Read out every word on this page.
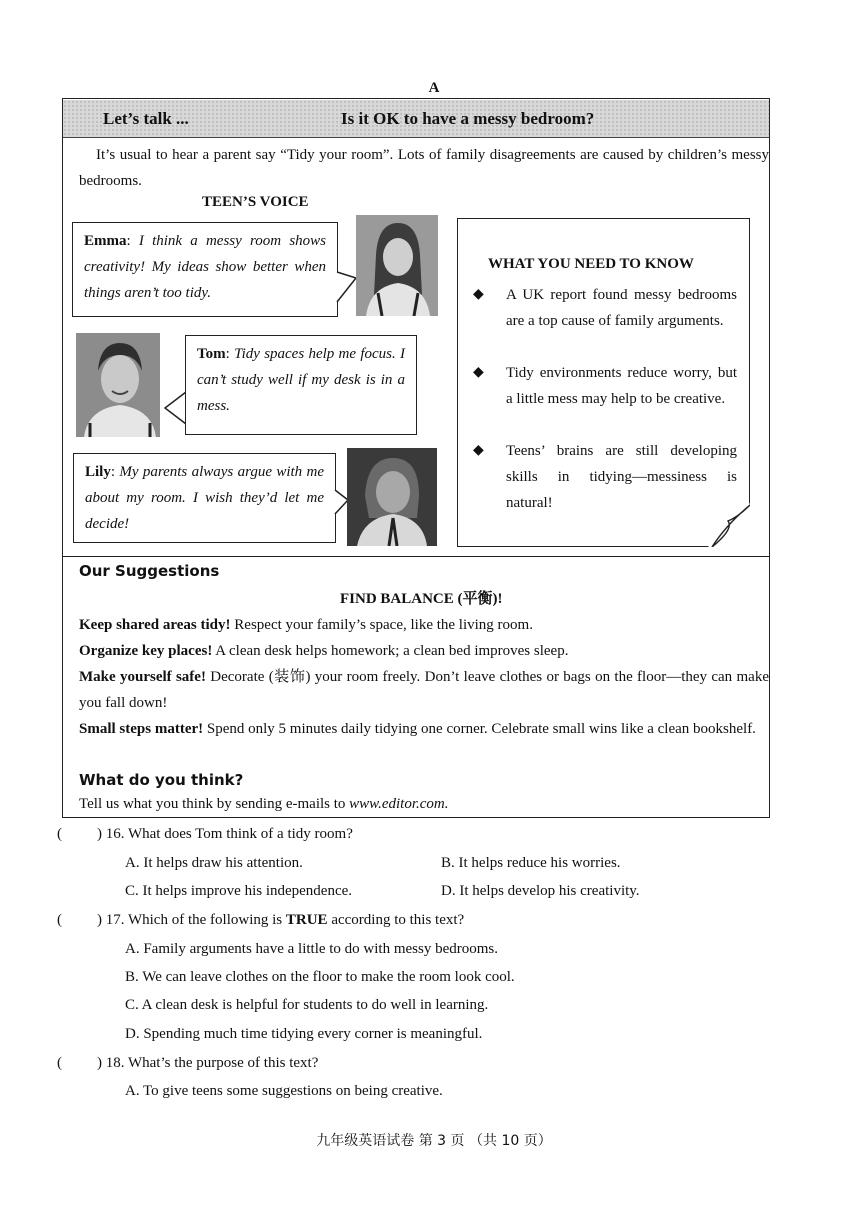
A
Let’s talk ...	Is it OK to have a messy bedroom?
It’s usual to hear a parent say “Tidy your room”. Lots of family disagreements are caused by children’s messy bedrooms.
TEEN’S VOICE
Emma: I think a messy room shows creativity! My ideas show better when things aren’t too tidy.
Tom: Tidy spaces help me focus. I can’t study well if my desk is in a mess.
Lily: My parents always argue with me about my room. I wish they’d let me decide!
WHAT YOU NEED TO KNOW
◆ A UK report found messy bedrooms are a top cause of family arguments.
◆ Tidy environments reduce worry, but a little mess may help to be creative.
◆ Teens’ brains are still developing skills in tidying—messiness is natural!
Our Suggestions
FIND BALANCE (平衡)!
Keep shared areas tidy! Respect your family’s space, like the living room.
Organize key places! A clean desk helps homework; a clean bed improves sleep.
Make yourself safe! Decorate (装饰) your room freely. Don’t leave clothes or bags on the floor—they can make you fall down!
Small steps matter! Spend only 5 minutes daily tidying one corner. Celebrate small wins like a clean bookshelf.
What do you think?
Tell us what you think by sending e-mails to www.editor.com.
( ) 16. What does Tom think of a tidy room?
A. It helps draw his attention.	B. It helps reduce his worries.
C. It helps improve his independence.	D. It helps develop his creativity.
( ) 17. Which of the following is TRUE according to this text?
A. Family arguments have a little to do with messy bedrooms.
B. We can leave clothes on the floor to make the room look cool.
C. A clean desk is helpful for students to do well in learning.
D. Spending much time tidying every corner is meaningful.
( ) 18. What’s the purpose of this text?
A. To give teens some suggestions on being creative.
九年级英语试卷 第 3 页 （共 10 页）
